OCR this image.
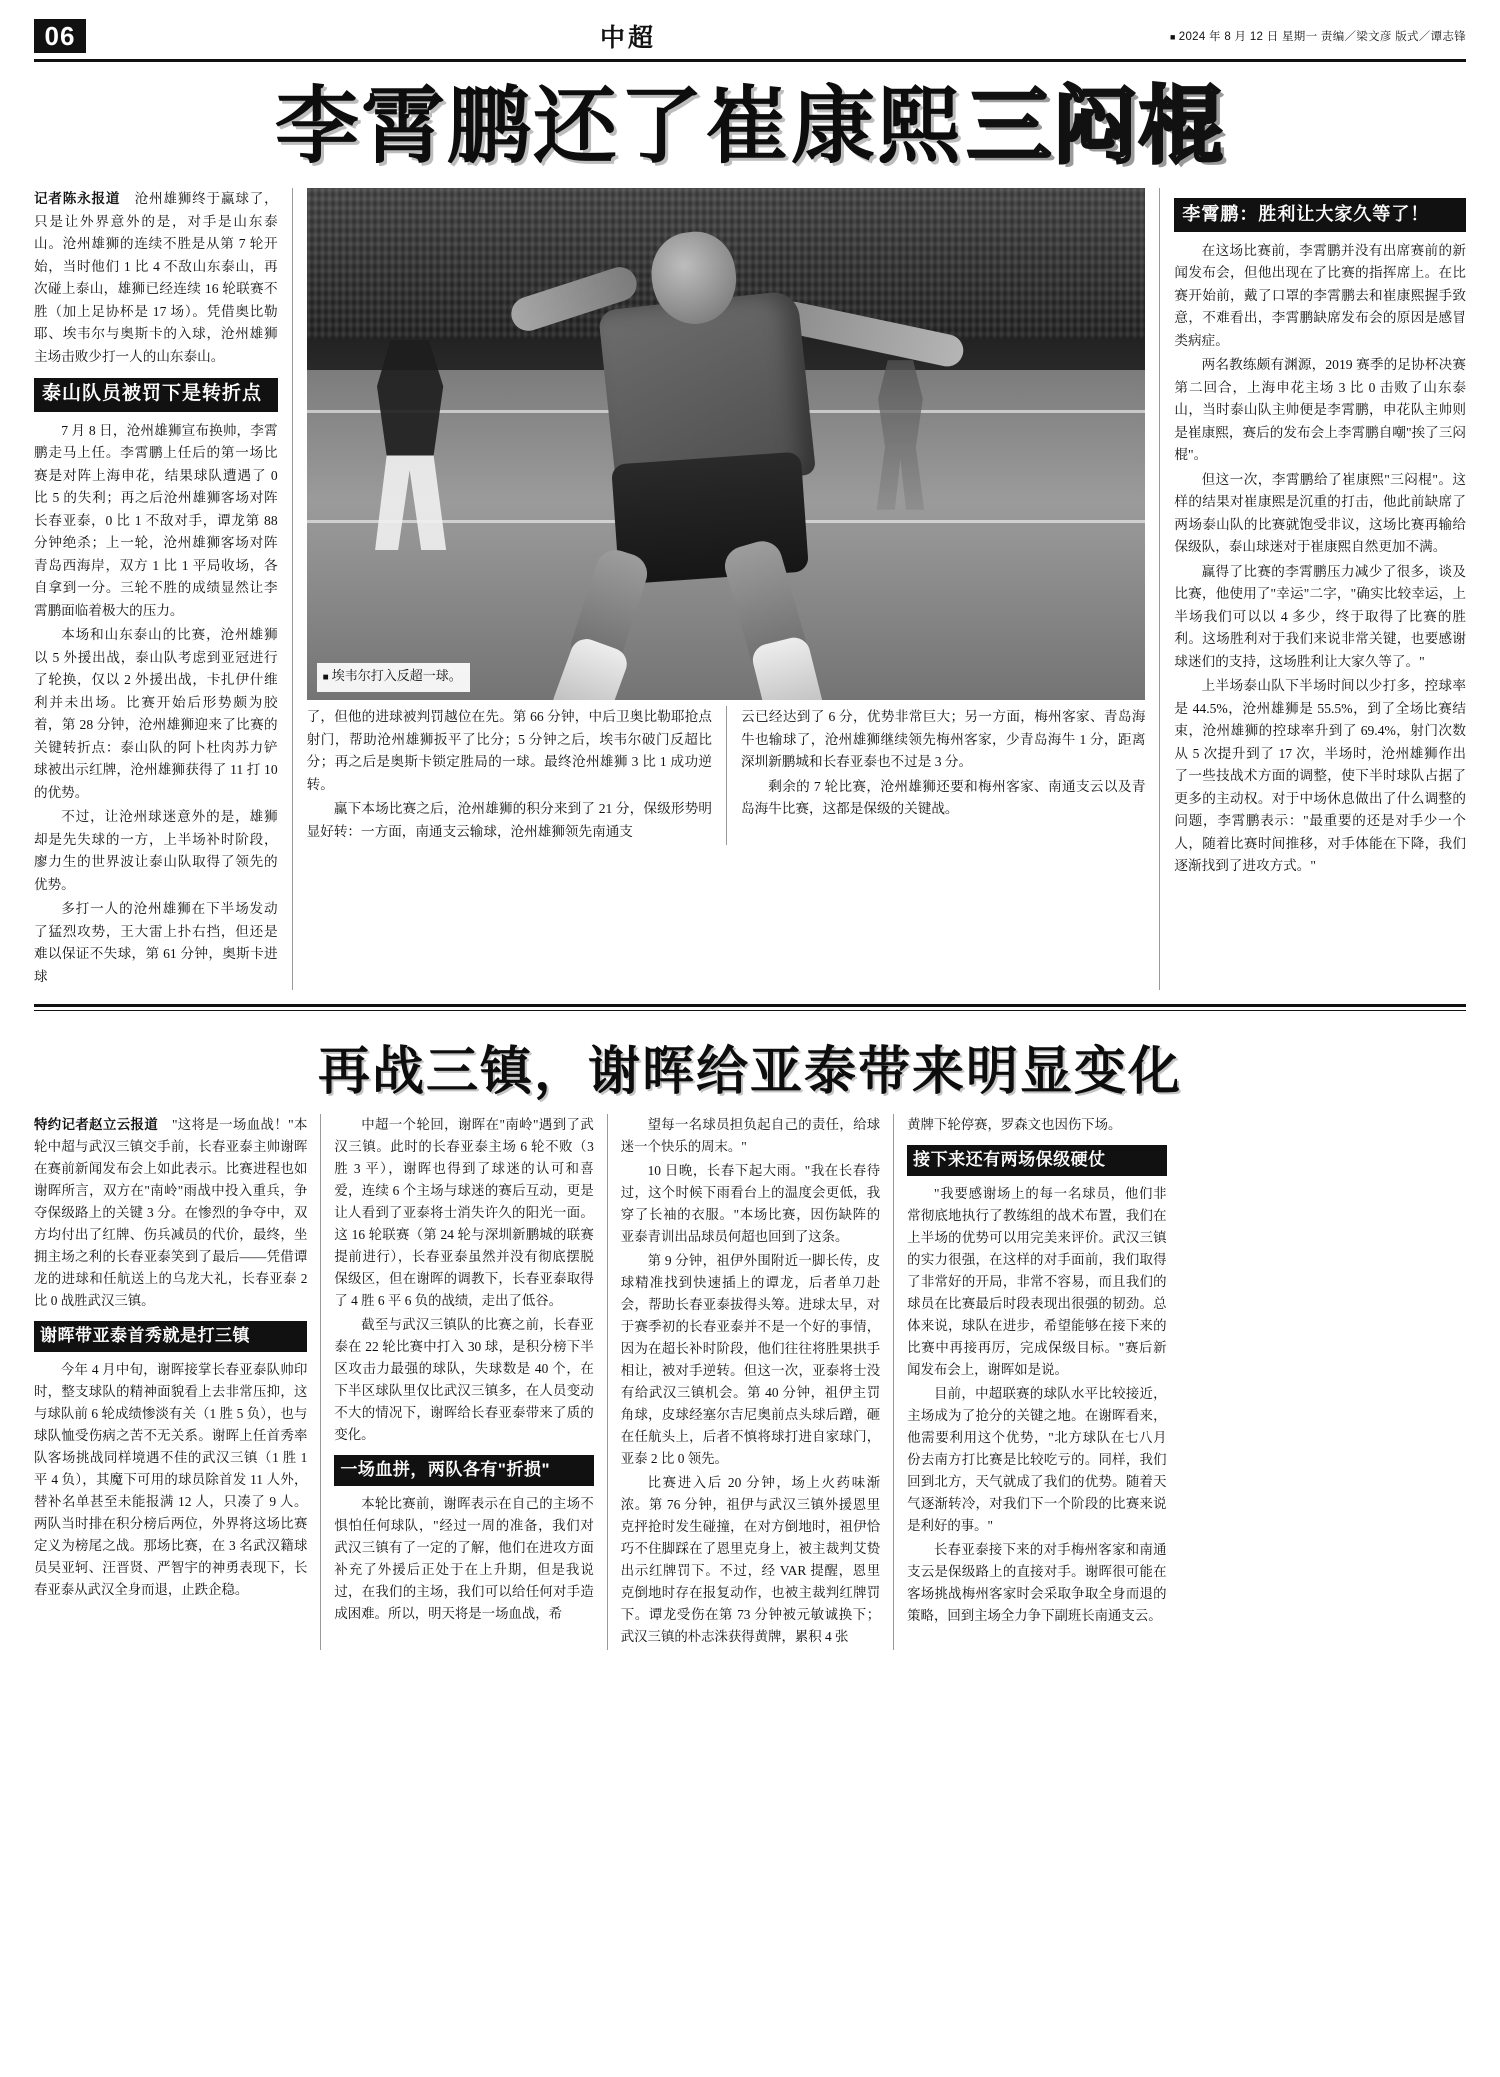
06	中超	■ 2024 年 8 月 12 日 星期一 责编／梁文彦 版式／谭志锋
李霄鹏还了崔康熙三闷棍

记者陈永报道　 沧州雄狮终于赢球了，只是让外界意外的是，对手是山东泰山。沧州雄狮的连续不胜是从第 7 轮开始，当时他们 1 比 4 不敌山东泰山，再次碰上泰山，雄狮已经连续 16 轮联赛不胜（加上足协杯是 17 场）。凭借奥比勒耶、埃韦尔与奥斯卡的入球，沧州雄狮主场击败少打一人的山东泰山。

泰山队员被罚下是转折点

7 月 8 日，沧州雄狮宣布换帅，李霄鹏走马上任。李霄鹏上任后的第一场比赛是对阵上海申花，结果球队遭遇了 0 比 5 的失利；再之后沧州雄狮客场对阵长春亚泰，0 比 1 不敌对手，谭龙第 88 分钟绝杀；上一轮，沧州雄狮客场对阵青岛西海岸，双方 1 比 1 平局收场，各自拿到一分。三轮不胜的成绩显然让李霄鹏面临着极大的压力。

本场和山东泰山的比赛，沧州雄狮以 5 外援出战，泰山队考虑到亚冠进行了轮换，仅以 2 外援出战，卡扎伊什维利并未出场。比赛开始后形势颇为胶着，第 28 分钟，沧州雄狮迎来了比赛的关键转折点：泰山队的阿卜杜肉苏力铲球被出示红牌，沧州雄狮获得了 11 打 10 的优势。

不过，让沧州球迷意外的是，雄狮却是先失球的一方，上半场补时阶段，廖力生的世界波让泰山队取得了领先的优势。

多打一人的沧州雄狮在下半场发动了猛烈攻势，王大雷上扑右挡，但还是难以保证不失球，第 61 分钟，奥斯卡进球

■ 埃韦尔打入反超一球。

了，但他的进球被判罚越位在先。第 66 分钟，中后卫奥比勒耶抢点射门，帮助沧州雄狮扳平了比分；5 分钟之后，埃韦尔破门反超比分；再之后是奥斯卡锁定胜局的一球。最终沧州雄狮 3 比 1 成功逆转。

赢下本场比赛之后，沧州雄狮的积分来到了 21 分，保级形势明显好转：一方面，南通支云输球，沧州雄狮领先南通支

云已经达到了 6 分，优势非常巨大；另一方面，梅州客家、青岛海牛也输球了，沧州雄狮继续领先梅州客家，少青岛海牛 1 分，距离深圳新鹏城和长春亚泰也不过是 3 分。

剩余的 7 轮比赛，沧州雄狮还要和梅州客家、南通支云以及青岛海牛比赛，这都是保级的关键战。

李霄鹏：胜利让大家久等了！

在这场比赛前，李霄鹏并没有出席赛前的新闻发布会，但他出现在了比赛的指挥席上。在比赛开始前，戴了口罩的李霄鹏去和崔康熙握手致意，不难看出，李霄鹏缺席发布会的原因是感冒类病症。

两名教练颇有渊源，2019 赛季的足协杯决赛第二回合，上海申花主场 3 比 0 击败了山东泰山，当时泰山队主帅便是李霄鹏，申花队主帅则是崔康熙，赛后的发布会上李霄鹏自嘲"挨了三闷棍"。

但这一次，李霄鹏给了崔康熙"三闷棍"。这样的结果对崔康熙是沉重的打击，他此前缺席了两场泰山队的比赛就饱受非议，这场比赛再输给保级队，泰山球迷对于崔康熙自然更加不满。

赢得了比赛的李霄鹏压力减少了很多，谈及比赛，他使用了"幸运"二字，"确实比较幸运，上半场我们可以以 4 多少，终于取得了比赛的胜利。这场胜利对于我们来说非常关键，也要感谢球迷们的支持，这场胜利让大家久等了。"

上半场泰山队下半场时间以少打多，控球率是 44.5%，沧州雄狮是 55.5%，到了全场比赛结束，沧州雄狮的控球率升到了 69.4%，射门次数从 5 次提升到了 17 次，半场时，沧州雄狮作出了一些技战术方面的调整，使下半时球队占据了更多的主动权。对于中场休息做出了什么调整的问题，李霄鹏表示："最重要的还是对手少一个人，随着比赛时间推移，对手体能在下降，我们逐渐找到了进攻方式。"

再战三镇，谢晖给亚泰带来明显变化

特约记者赵立云报道　 "这将是一场血战！"本轮中超与武汉三镇交手前，长春亚泰主帅谢晖在赛前新闻发布会上如此表示。比赛进程也如谢晖所言，双方在"南岭"雨战中投入重兵，争夺保级路上的关键 3 分。在惨烈的争夺中，双方均付出了红牌、伤兵减员的代价，最终，坐拥主场之利的长春亚泰笑到了最后——凭借谭龙的进球和任航送上的乌龙大礼，长春亚泰 2 比 0 战胜武汉三镇。

谢晖带亚泰首秀就是打三镇

今年 4 月中旬，谢晖接掌长春亚泰队帅印时，整支球队的精神面貌看上去非常压抑，这与球队前 6 轮成绩惨淡有关（1 胜 5 负），也与球队恤受伤病之苦不无关系。谢晖上任首秀率队客场挑战同样境遇不佳的武汉三镇（1 胜 1 平 4 负），其魔下可用的球员除首发 11 人外，替补名单甚至未能报满 12 人，只凑了 9 人。两队当时排在积分榜后两位，外界将这场比赛定义为榜尾之战。那场比赛，在 3 名武汉籍球员吴亚轲、汪晋贤、严智宇的神勇表现下，长春亚泰从武汉全身而退，止跌企稳。

中超一个轮回，谢晖在"南岭"遇到了武汉三镇。此时的长春亚泰主场 6 轮不败（3 胜 3 平），谢晖也得到了球迷的认可和喜爱，连续 6 个主场与球迷的赛后互动，更是让人看到了亚泰将士消失许久的阳光一面。这 16 轮联赛（第 24 轮与深圳新鹏城的联赛提前进行），长春亚泰虽然并没有彻底摆脱保级区，但在谢晖的调教下，长春亚泰取得了 4 胜 6 平 6 负的战绩，走出了低谷。

截至与武汉三镇队的比赛之前，长春亚泰在 22 轮比赛中打入 30 球，是积分榜下半区攻击力最强的球队，失球数是 40 个，在下半区球队里仅比武汉三镇多，在人员变动不大的情况下，谢晖给长春亚泰带来了质的变化。

一场血拼，两队各有"折损"

本轮比赛前，谢晖表示在自己的主场不惧怕任何球队，"经过一周的准备，我们对武汉三镇有了一定的了解，他们在进攻方面补充了外援后正处于在上升期，但是我说过，在我们的主场，我们可以给任何对手造成困难。所以，明天将是一场血战，希

望每一名球员担负起自己的责任，给球迷一个快乐的周末。"

10 日晚，长春下起大雨。"我在长春待过，这个时候下雨看台上的温度会更低，我穿了长袖的衣服。"本场比赛，因伤缺阵的亚泰青训出品球员何超也回到了这条。

第 9 分钟，祖伊外围附近一脚长传，皮球精准找到快速插上的谭龙，后者单刀赴会，帮助长春亚泰拔得头筹。进球太早，对于赛季初的长春亚泰并不是一个好的事情，因为在超长补时阶段，他们往往将胜果拱手相让，被对手逆转。但这一次，亚泰将士没有给武汉三镇机会。第 40 分钟，祖伊主罚角球，皮球经塞尔吉尼奥前点头球后蹭，砸在任航头上，后者不慎将球打进自家球门，亚泰 2 比 0 领先。

比赛进入后 20 分钟，场上火药味渐浓。第 76 分钟，祖伊与武汉三镇外援恩里克抨抢时发生碰撞，在对方倒地时，祖伊恰巧不住脚踩在了恩里克身上，被主裁判艾贽出示红牌罚下。不过，经 VAR 提醒，恩里克倒地时存在报复动作，也被主裁判红牌罚下。谭龙受伤在第 73 分钟被元敏诚换下；武汉三镇的朴志洙获得黄牌，累积 4 张

黄牌下轮停赛，罗森文也因伤下场。

接下来还有两场保级硬仗

"我要感谢场上的每一名球员，他们非常彻底地执行了教练组的战术布置，我们在上半场的优势可以用完美来评价。武汉三镇的实力很强，在这样的对手面前，我们取得了非常好的开局，非常不容易，而且我们的球员在比赛最后时段表现出很强的韧劲。总体来说，球队在进步，希望能够在接下来的比赛中再接再厉，完成保级目标。"赛后新闻发布会上，谢晖如是说。

目前，中超联赛的球队水平比较接近，主场成为了抢分的关键之地。在谢晖看来，他需要利用这个优势，"北方球队在七八月份去南方打比赛是比较吃亏的。同样，我们回到北方，天气就成了我们的优势。随着天气逐渐转冷，对我们下一个阶段的比赛来说是利好的事。"

长春亚泰接下来的对手梅州客家和南通支云是保级路上的直接对手。谢晖很可能在客场挑战梅州客家时会采取争取全身而退的策略，回到主场全力争下副班长南通支云。
